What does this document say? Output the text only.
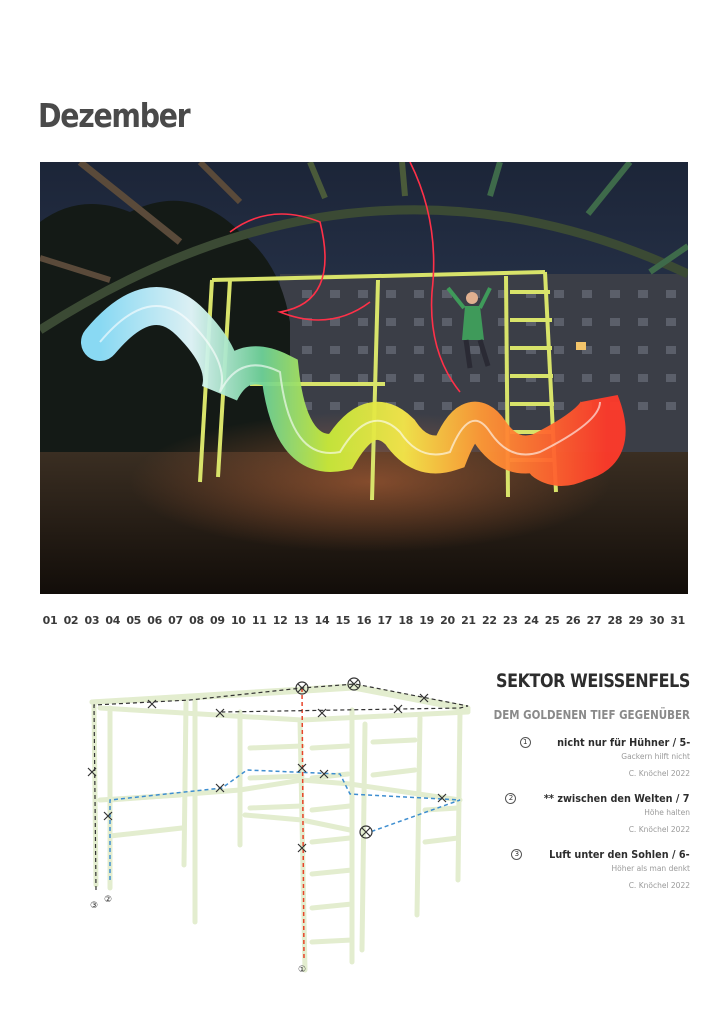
Dezember
01 02 03 04 05 06 07 08 09 10 11 12 13 14 15 16 17 18 19 20 21 22 23 24 25 26 27 28 29 30 31
①
②
③
SEKTOR WEISSENFELS
DEM GOLDENEN TIEF GEGENÜBER
1	nicht nur für Hühner / 5-
Gackern hilft nicht
C. Knöchel 2022
2	** zwischen den Welten / 7
Höhe halten
C. Knöchel 2022
3	Luft unter den Sohlen / 6-
Höher als man denkt
C. Knöchel 2022
